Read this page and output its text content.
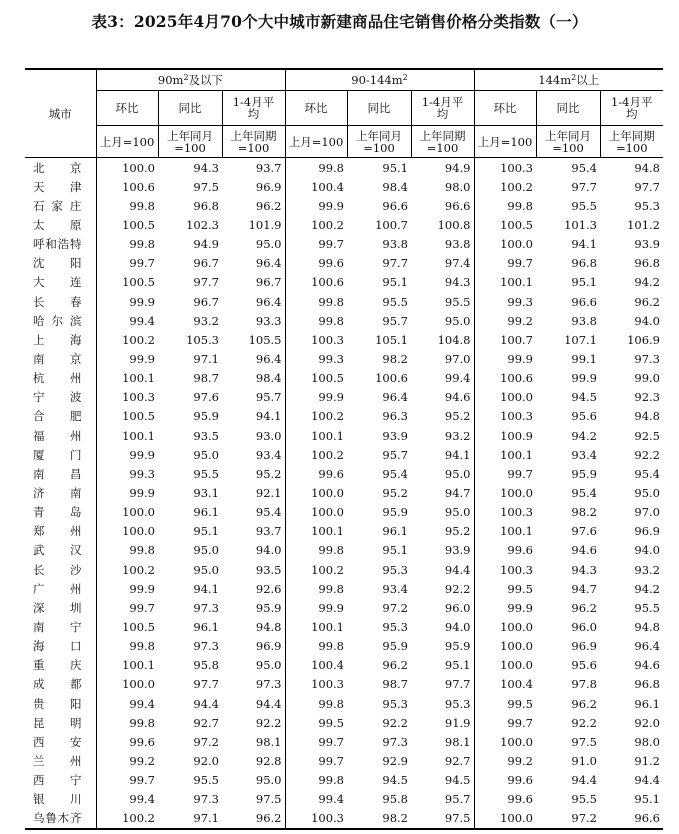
表3：2025年4月70个大中城市新建商品住宅销售价格分类指数（一）
城市	$90m^2$及以下			$90-144m^2$			$144m^2$以上		
	环比	同比	1-4月平均	环比	同比	1-4月平均	环比	同比	1-4月平均
	上月=100	上年同月=100	上年同期=100	上月=100	上年同月=100	上年同期=100	上月=100	上年同月=100	上年同期=100
北京	100.0	94.3	93.7	99.8	95.1	94.9	100.3	95.4	94.8
天津	100.6	97.5	96.9	100.4	98.4	98.0	100.2	97.7	97.7
石家庄	99.8	96.8	96.2	99.9	96.6	96.6	99.8	95.5	95.3
太原	100.5	102.3	101.9	100.2	100.7	100.8	100.5	101.3	101.2
呼和浩特	99.8	94.9	95.0	99.7	93.8	93.8	100.0	94.1	93.9
沈阳	99.7	96.7	96.4	99.6	97.7	97.4	99.7	96.8	96.8
大连	100.5	97.7	96.7	100.6	95.1	94.3	100.1	95.1	94.2
长春	99.9	96.7	96.4	99.8	95.5	95.5	99.3	96.6	96.2
哈尔滨	99.4	93.2	93.3	99.8	95.7	95.0	99.2	93.8	94.0
上海	100.2	105.3	105.5	100.3	105.1	104.8	100.7	107.1	106.9
南京	99.9	97.1	96.4	99.3	98.2	97.0	99.9	99.1	97.3
杭州	100.1	98.7	98.4	100.5	100.6	99.4	100.6	99.9	99.0
宁波	100.3	97.6	95.7	99.9	96.4	94.6	100.0	94.5	92.3
合肥	100.5	95.9	94.1	100.2	96.3	95.2	100.3	95.6	94.8
福州	100.1	93.5	93.0	100.1	93.9	93.2	100.9	94.2	92.5
厦门	99.9	95.0	93.4	100.2	95.7	94.1	100.1	93.4	92.2
南昌	99.3	95.5	95.2	99.6	95.4	95.0	99.7	95.9	95.4
济南	99.9	93.1	92.1	100.0	95.2	94.7	100.0	95.4	95.0
青岛	100.0	96.1	95.4	100.0	95.9	95.0	100.3	98.2	97.0
郑州	100.0	95.1	93.7	100.1	96.1	95.2	100.1	97.6	96.9
武汉	99.8	95.0	94.0	99.8	95.1	93.9	99.6	94.6	94.0
长沙	100.2	95.0	93.5	100.2	95.3	94.4	100.3	94.3	93.2
广州	99.9	94.1	92.6	99.8	93.4	92.2	99.5	94.7	94.2
深圳	99.7	97.3	95.9	99.9	97.2	96.0	99.9	96.2	95.5
南宁	100.5	96.1	94.8	100.1	95.3	94.0	100.0	96.0	94.8
海口	99.8	97.3	96.9	99.8	95.9	95.9	100.0	96.9	96.4
重庆	100.1	95.8	95.0	100.4	96.2	95.1	100.0	95.6	94.6
成都	100.0	97.7	97.3	100.3	98.7	97.7	100.4	97.8	96.8
贵阳	99.4	94.4	94.4	99.8	95.3	95.3	99.5	96.2	96.1
昆明	99.8	92.7	92.2	99.5	92.2	91.9	99.7	92.2	92.0
西安	99.6	97.2	98.1	99.7	97.3	98.1	100.0	97.5	98.0
兰州	99.2	92.0	92.8	99.7	92.9	92.7	99.2	91.0	91.2
西宁	99.7	95.5	95.0	99.8	94.5	94.5	99.6	94.4	94.4
银川	99.4	97.3	97.5	99.4	95.8	95.7	99.6	95.5	95.1
乌鲁木齐	100.2	97.1	96.2	100.3	98.2	97.5	100.0	97.2	96.6
